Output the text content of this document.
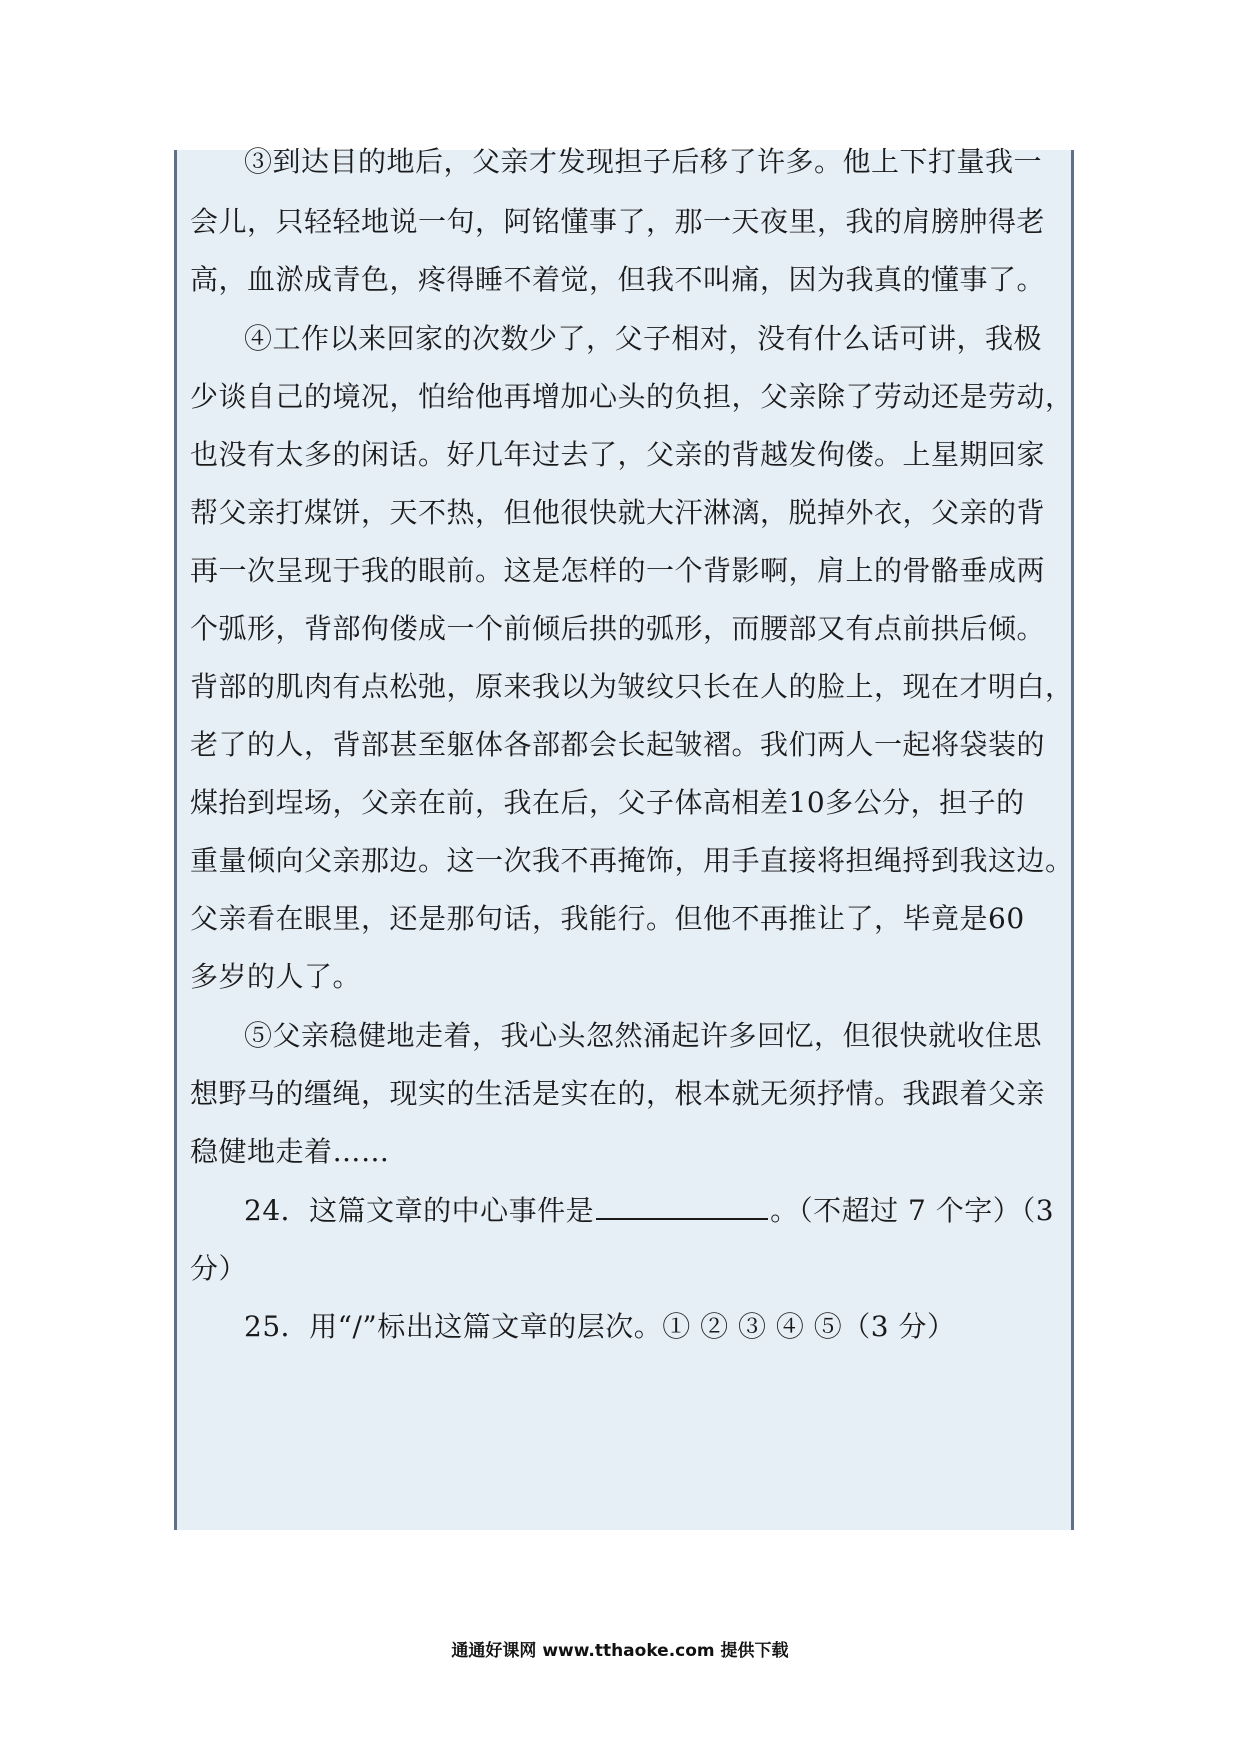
③到达目的地后，父亲才发现担子后移了许多。他上下打量我一
会儿，只轻轻地说一句，阿铭懂事了，那一天夜里，我的肩膀肿得老
高，血淤成青色，疼得睡不着觉，但我不叫痛，因为我真的懂事了。
④工作以来回家的次数少了，父子相对，没有什么话可讲，我极
少谈自己的境况，怕给他再增加心头的负担，父亲除了劳动还是劳动，
也没有太多的闲话。好几年过去了，父亲的背越发佝偻。上星期回家
帮父亲打煤饼，天不热，但他很快就大汗淋漓，脱掉外衣，父亲的背
再一次呈现于我的眼前。这是怎样的一个背影啊，肩上的骨骼垂成两
个弧形，背部佝偻成一个前倾后拱的弧形，而腰部又有点前拱后倾。
背部的肌肉有点松弛，原来我以为皱纹只长在人的脸上，现在才明白，
老了的人，背部甚至躯体各部都会长起皱褶。我们两人一起将袋装的
煤抬到埕场，父亲在前，我在后，父子体高相差10多公分，担子的
重量倾向父亲那边。这一次我不再掩饰，用手直接将担绳捋到我这边。
父亲看在眼里，还是那句话，我能行。但他不再推让了，毕竟是60
多岁的人了。
⑤父亲稳健地走着，我心头忽然涌起许多回忆，但很快就收住思
想野马的缰绳，现实的生活是实在的，根本就无须抒情。我跟着父亲
稳健地走着……
24．这篇文章的中心事件是	。（不超过 7 个字）（3
分）
25．用“/”标出这篇文章的层次。① ② ③ ④ ⑤（3 分）
通通好课网 www.tthaoke.com 提供下载
